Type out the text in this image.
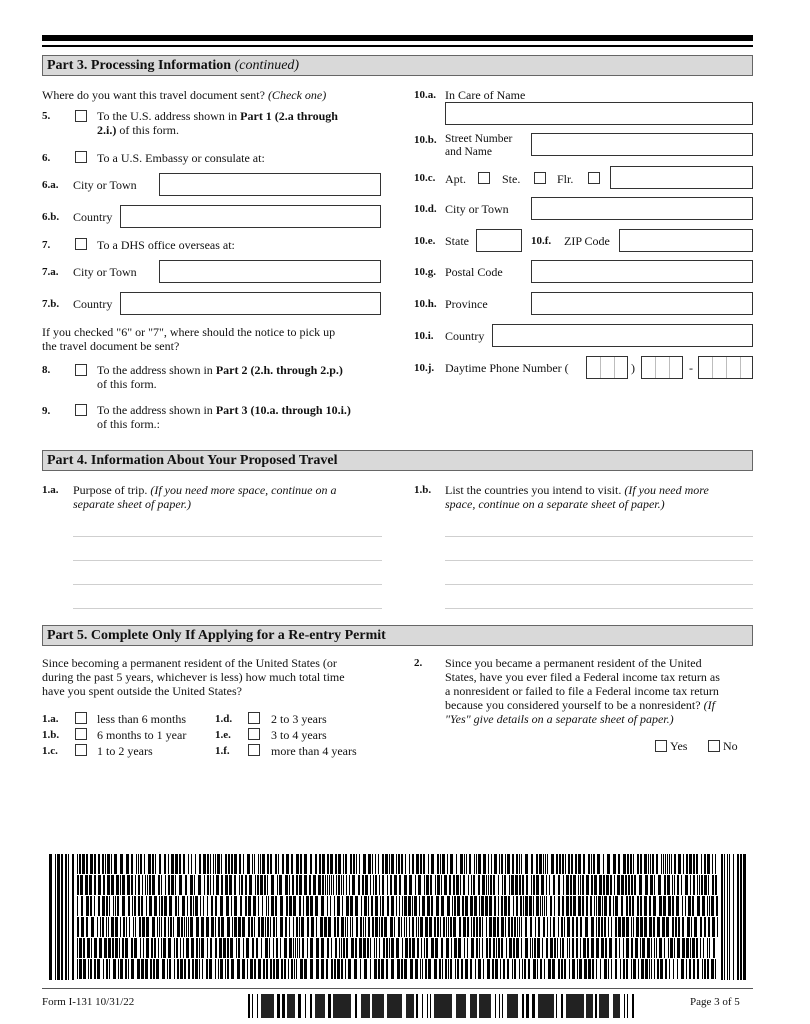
Part 3. Processing Information (continued)
Where do you want this travel document sent? (Check one)
5.	To the U.S. address shown in Part 1 (2.a through
2.i.) of this form.
6.	To a U.S. Embassy or consulate at:
6.a. City or Town
6.b. Country
7.	To a DHS office overseas at:
7.a. City or Town
7.b. Country
If you checked "6" or "7", where should the notice to pick up
the travel document be sent?
8.	To the address shown in Part 2 (2.h. through 2.p.)
of this form.
9.	To the address shown in Part 3 (10.a. through 10.i.)
of this form.:
10.a. In Care of Name
10.b. Street Number
and Name
10.c. Apt.	Ste.	Flr.
10.d. City or Town
10.e. State	10.f. ZIP Code
10.g. Postal Code
10.h. Province
10.i. Country
10.j. Daytime Phone Number (	)	-
Part 4. Information About Your Proposed Travel
1.a. Purpose of trip. (If you need more space, continue on a
separate sheet of paper.)
1.b. List the countries you intend to visit. (If you need more
space, continue on a separate sheet of paper.)
Part 5. Complete Only If Applying for a Re-entry Permit
Since becoming a permanent resident of the United States (or
during the past 5 years, whichever is less) how much total time
have you spent outside the United States?
1.a.	less than 6 months
1.b.	6 months to 1 year
1.c.	1 to 2 years
1.d.	2 to 3 years
1.e.	3 to 4 years
1.f.	more than 4 years
2. Since you became a permanent resident of the United
States, have you ever filed a Federal income tax return as
a nonresident or failed to file a Federal income tax return
because you considered yourself to be a nonresident? (If
"Yes" give details on a separate sheet of paper.)
Yes	No
Form I-131 10/31/22	Page 3 of 5
